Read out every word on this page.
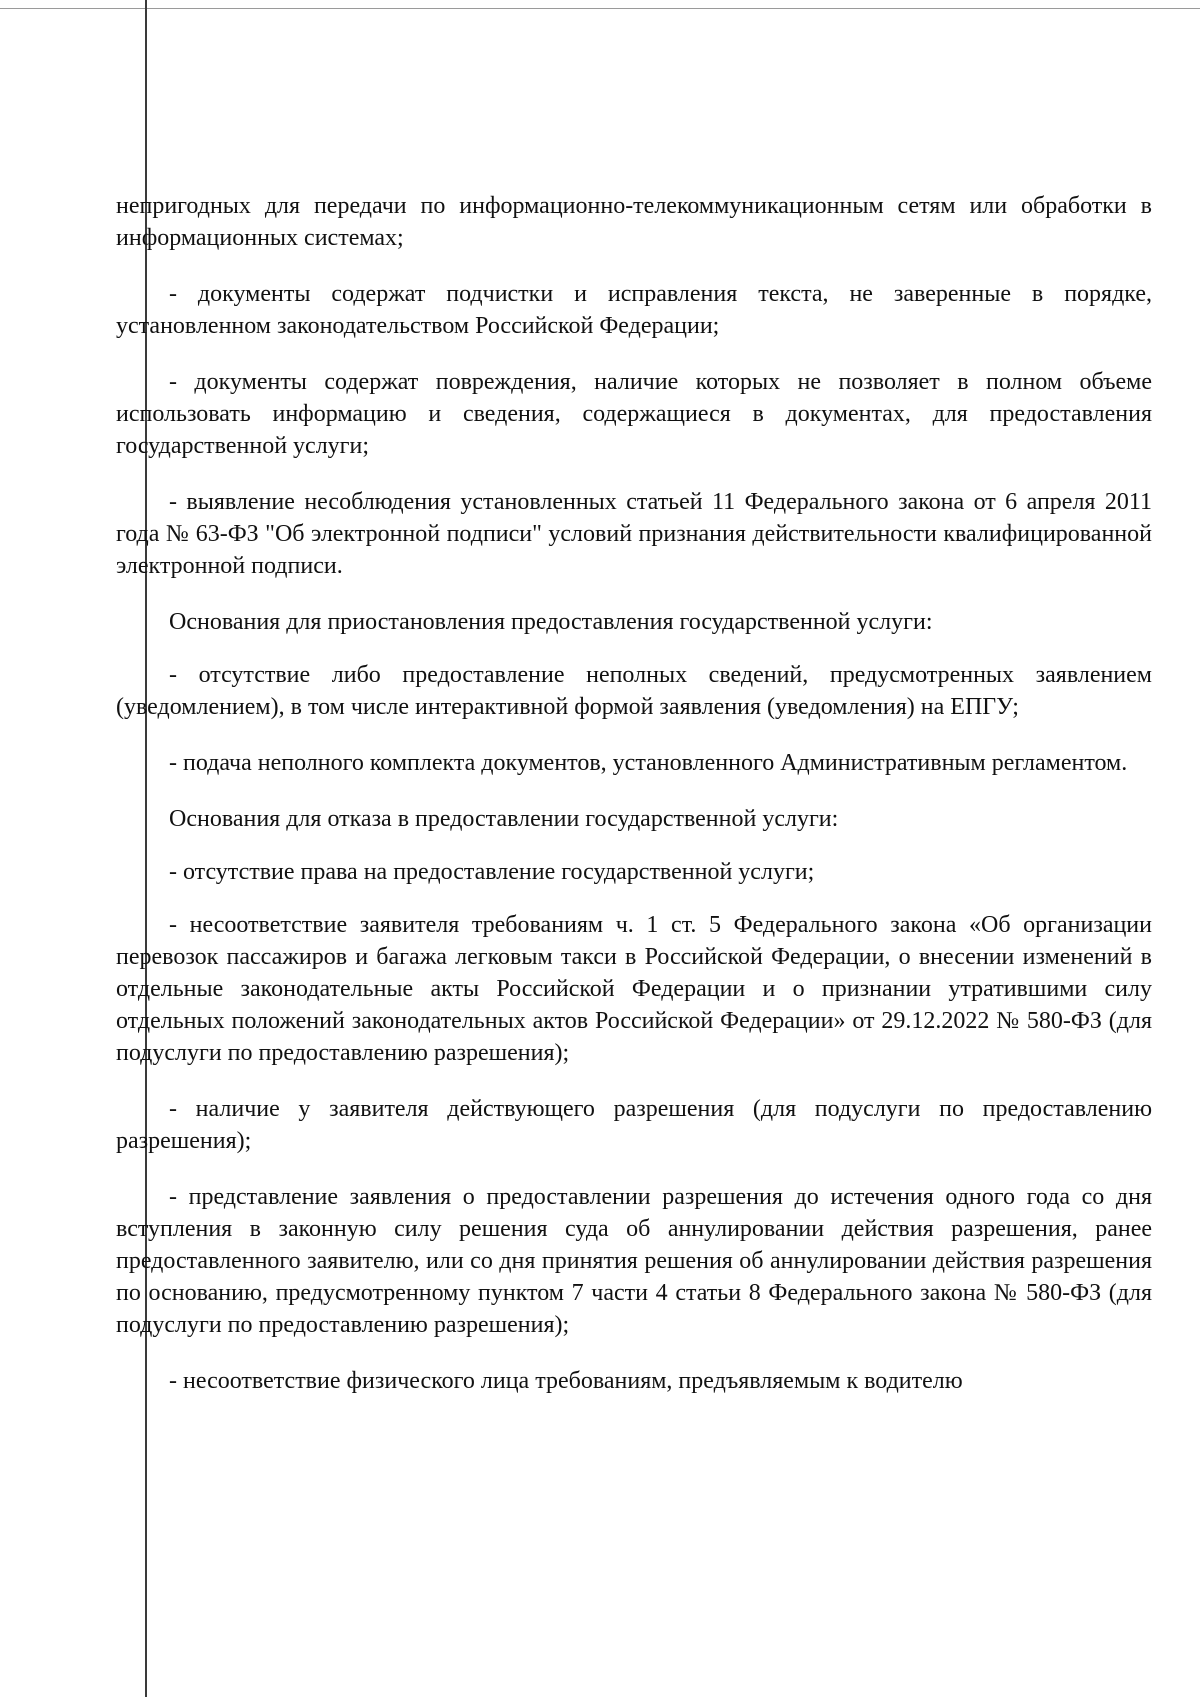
непригодных для передачи по информационно-телекоммуникационным сетям или обработки в информационных системах;

- документы содержат подчистки и исправления текста, не заверенные в порядке, установленном законодательством Российской Федерации;

- документы содержат повреждения, наличие которых не позволяет в полном объеме использовать информацию и сведения, содержащиеся в документах, для предоставления государственной услуги;

- выявление несоблюдения установленных статьей 11 Федерального закона от 6 апреля 2011 года № 63-ФЗ "Об электронной подписи" условий признания действительности квалифицированной электронной подписи.

Основания для приостановления предоставления государственной услуги:

- отсутствие либо предоставление неполных сведений, предусмотренных заявлением (уведомлением), в том числе интерактивной формой заявления (уведомления) на ЕПГУ;

- подача неполного комплекта документов, установленного Административным регламентом.

Основания для отказа в предоставлении государственной услуги:

- отсутствие права на предоставление государственной услуги;

- несоответствие заявителя требованиям ч. 1 ст. 5 Федерального закона «Об организации перевозок пассажиров и багажа легковым такси в Российской Федерации, о внесении изменений в отдельные законодательные акты Российской Федерации и о признании утратившими силу отдельных положений законодательных актов Российской Федерации» от 29.12.2022 № 580-ФЗ (для подуслуги по предоставлению разрешения);

- наличие у заявителя действующего разрешения (для подуслуги по предоставлению разрешения);

- представление заявления о предоставлении разрешения до истечения одного года со дня вступления в законную силу решения суда об аннулировании действия разрешения, ранее предоставленного заявителю, или со дня принятия решения об аннулировании действия разрешения по основанию, предусмотренному пунктом 7 части 4 статьи 8 Федерального закона № 580-ФЗ (для подуслуги по предоставлению разрешения);

- несоответствие физического лица требованиям, предъявляемым к водителю
